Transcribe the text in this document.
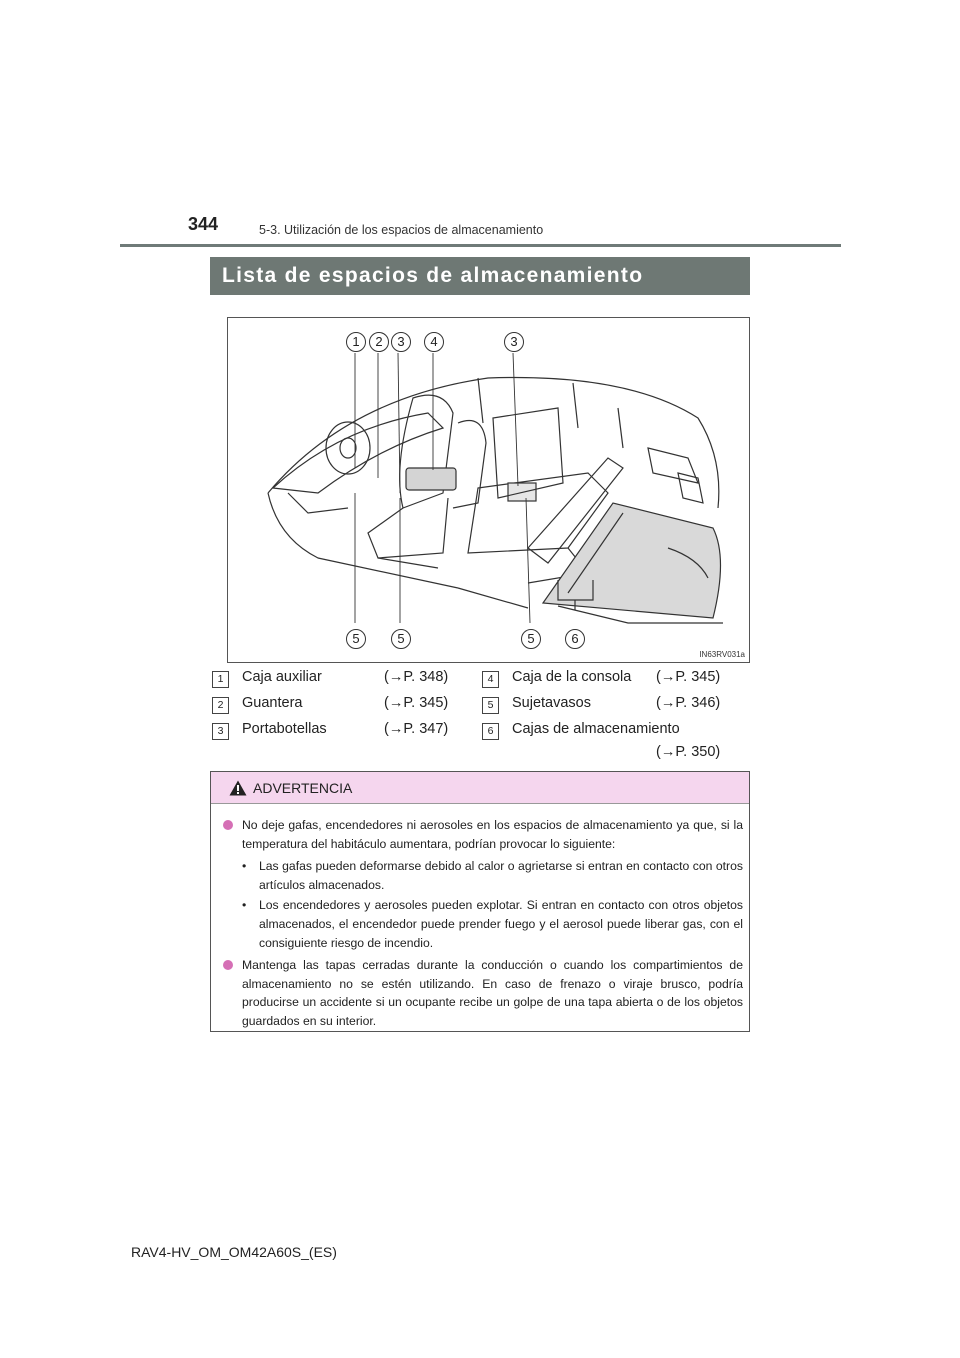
344	5-3. Utilización de los espacios de almacenamiento
Lista de espacios de almacenamiento
1	2	3	4	3
5	5	5	6
IN63RV031a
1	Caja auxiliar	(→P. 348)
2	Guantera	(→P. 345)
3	Portabotellas	(→P. 347)
4	Caja de la consola (→P. 345)
5	Sujetavasos	(→P. 346)
6	Cajas de almacenamiento
(→P. 350)
ADVERTENCIA
No deje gafas, encendedores ni aerosoles en los espacios de almacenamiento ya que, si la temperatura del habitáculo aumentara, podrían provocar lo siguiente:
• Las gafas pueden deformarse debido al calor o agrietarse si entran en contacto con otros artículos almacenados.
• Los encendedores y aerosoles pueden explotar. Si entran en contacto con otros objetos almacenados, el encendedor puede prender fuego y el aerosol puede liberar gas, con el consiguiente riesgo de incendio.
Mantenga las tapas cerradas durante la conducción o cuando los compartimientos de almacenamiento no se estén utilizando. En caso de frenazo o viraje brusco, podría producirse un accidente si un ocupante recibe un golpe de una tapa abierta o de los objetos guardados en su interior.
RAV4-HV_OM_OM42A60S_(ES)
